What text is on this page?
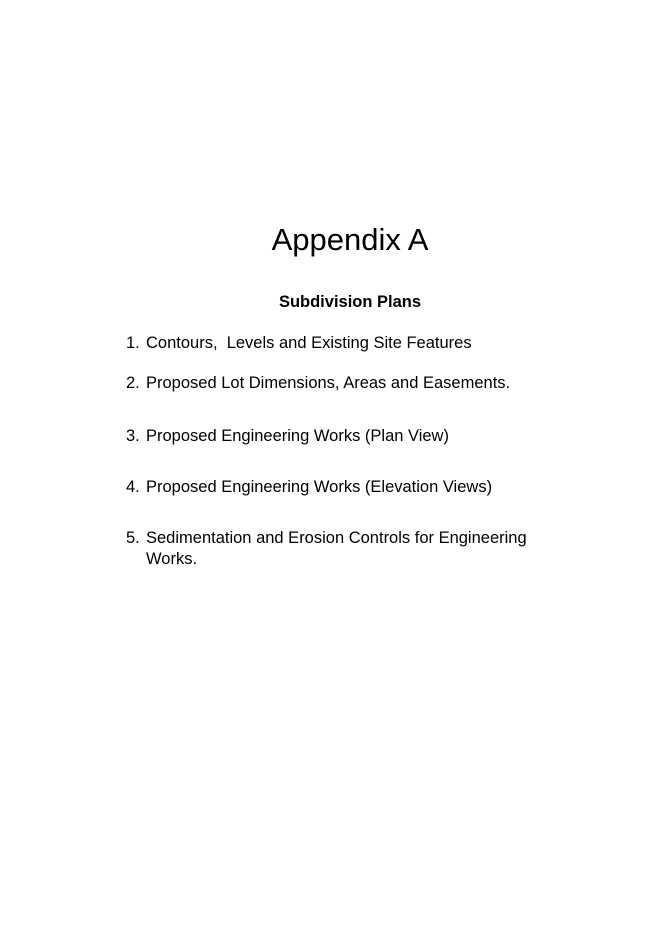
Appendix A
Subdivision Plans
1. Contours,  Levels and Existing Site Features
2. Proposed Lot Dimensions, Areas and Easements.
3. Proposed Engineering Works (Plan View)
4. Proposed Engineering Works (Elevation Views)
5. Sedimentation and Erosion Controls for Engineering Works.
